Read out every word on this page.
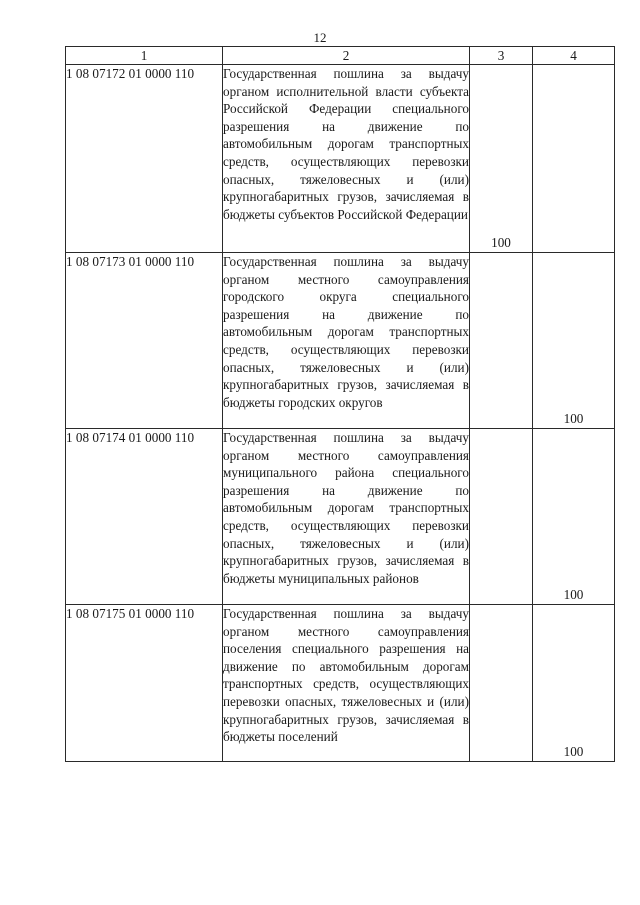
12
1	2	3	4
1 08 07172 01 0000 110	Государственная пошлина за выдачу органом исполнительной власти субъекта Российской Федерации специального разрешения на движение по автомобильным дорогам транспортных средств, осуществляющих перевозки опасных, тяжеловесных и (или) крупногабаритных грузов, зачисляемая в бюджеты субъектов Российской Федерации	100	
1 08 07173 01 0000 110	Государственная пошлина за выдачу органом местного самоуправления городского округа специального разрешения на движение по автомобильным дорогам транспортных средств, осуществляющих перевозки опасных, тяжеловесных и (или) крупногабаритных грузов, зачисляемая в бюджеты городских округов		100
1 08 07174 01 0000 110	Государственная пошлина за выдачу органом местного самоуправления муниципального района специального разрешения на движение по автомобильным дорогам транспортных средств, осуществляющих перевозки опасных, тяжеловесных и (или) крупногабаритных грузов, зачисляемая в бюджеты муниципальных районов		100
1 08 07175 01 0000 110	Государственная пошлина за выдачу органом местного самоуправления поселения специального разрешения на движение по автомобильным дорогам транспортных средств, осуществляющих перевозки опасных, тяжеловесных и (или) крупногабаритных грузов, зачисляемая в бюджеты поселений		100
